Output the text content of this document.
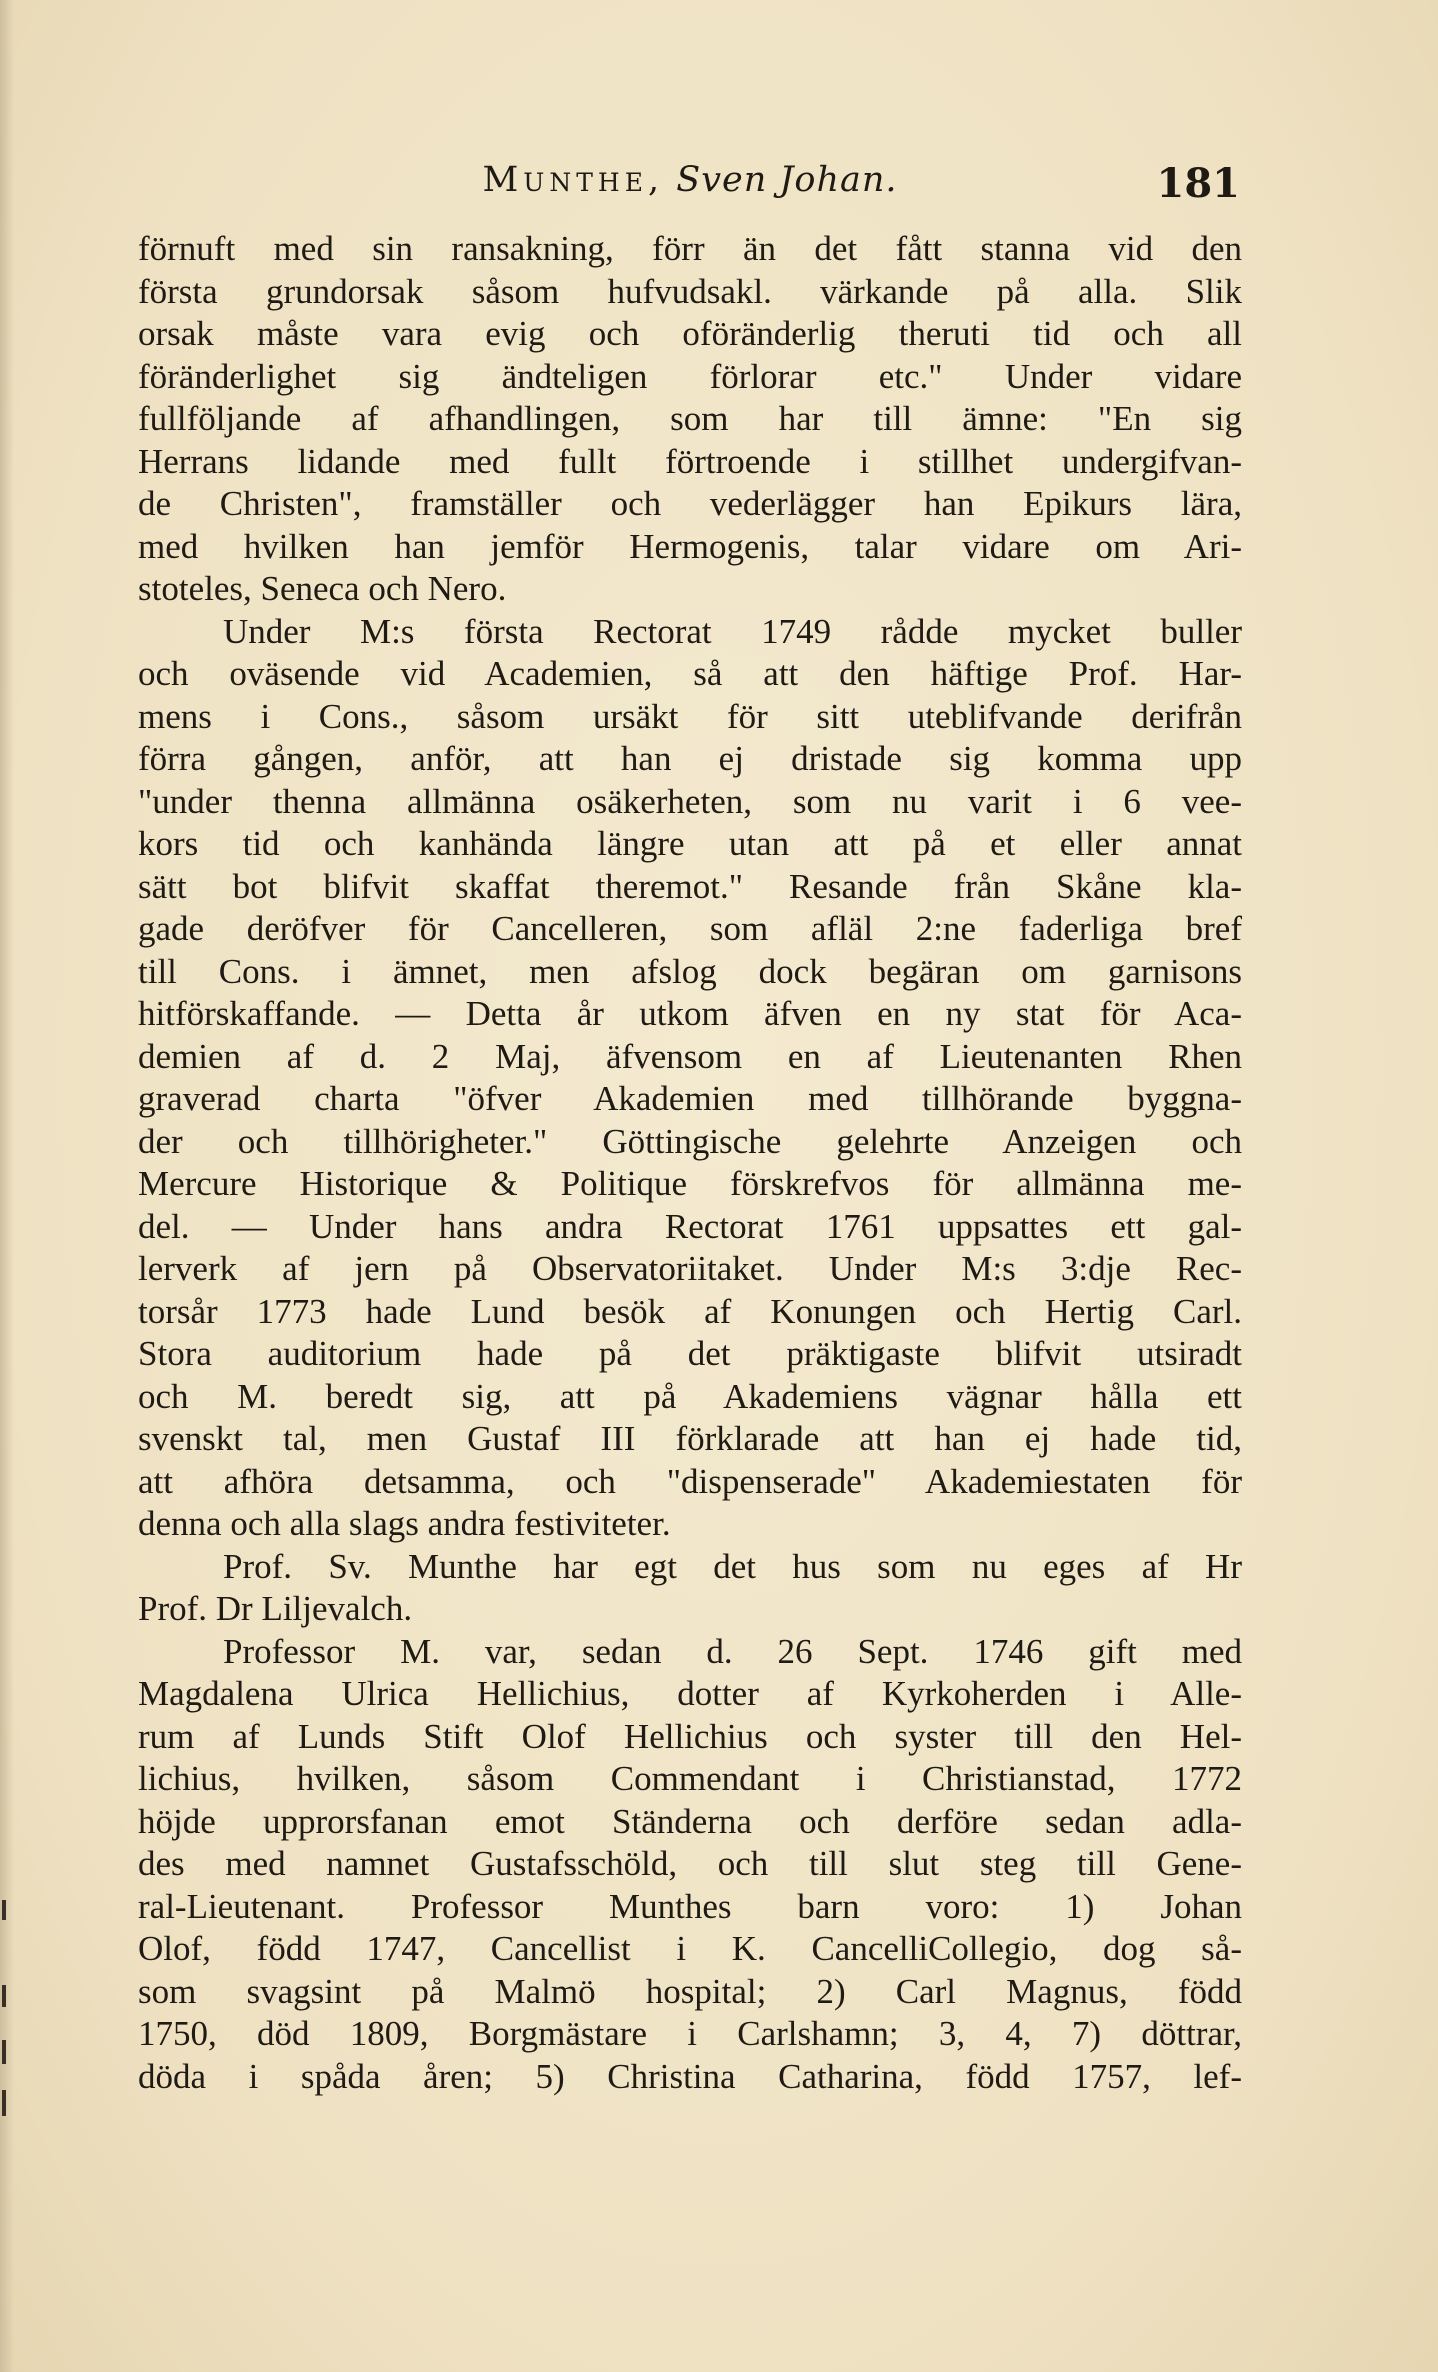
Munthe, Sven Johan.	181
förnuft med sin ransakning, förr än det fått stanna vid den
första grundorsak såsom hufvudsakl. värkande på alla. Slik
orsak måste vara evig och oföränderlig theruti tid och all
föränderlighet sig ändteligen förlorar etc." Under vidare
fullföljande af afhandlingen, som har till ämne: "En sig
Herrans lidande med fullt förtroende i stillhet undergifvan-
de Christen", framställer och vederlägger han Epikurs lära,
med hvilken han jemför Hermogenis, talar vidare om Ari-
stoteles, Seneca och Nero.
Under M:s första Rectorat 1749 rådde mycket buller
och oväsende vid Academien, så att den häftige Prof. Har-
mens i Cons., såsom ursäkt för sitt uteblifvande derifrån
förra gången, anför, att han ej dristade sig komma upp
"under thenna allmänna osäkerheten, som nu varit i 6 vee-
kors tid och kanhända längre utan att på et eller annat
sätt bot blifvit skaffat theremot." Resande från Skåne kla-
gade deröfver för Cancelleren, som afläl 2:ne faderliga bref
till Cons. i ämnet, men afslog dock begäran om garnisons
hitförskaffande. — Detta år utkom äfven en ny stat för Aca-
demien af d. 2 Maj, äfvensom en af Lieutenanten Rhen
graverad charta "öfver Akademien med tillhörande byggna-
der och tillhörigheter." Göttingische gelehrte Anzeigen och
Mercure Historique & Politique förskrefvos för allmänna me-
del. — Under hans andra Rectorat 1761 uppsattes ett gal-
lerverk af jern på Observatoriitaket. Under M:s 3:dje Rec-
torsår 1773 hade Lund besök af Konungen och Hertig Carl.
Stora auditorium hade på det präktigaste blifvit utsiradt
och M. beredt sig, att på Akademiens vägnar hålla ett
svenskt tal, men Gustaf III förklarade att han ej hade tid,
att afhöra detsamma, och "dispenserade" Akademiestaten för
denna och alla slags andra festiviteter.
Prof. Sv. Munthe har egt det hus som nu eges af Hr
Prof. Dr Liljevalch.
Professor M. var, sedan d. 26 Sept. 1746 gift med
Magdalena Ulrica Hellichius, dotter af Kyrkoherden i Alle-
rum af Lunds Stift Olof Hellichius och syster till den Hel-
lichius, hvilken, såsom Commendant i Christianstad, 1772
höjde upprorsfanan emot Ständerna och derföre sedan adla-
des med namnet Gustafsschöld, och till slut steg till Gene-
ral-Lieutenant. Professor Munthes barn voro: 1) Johan
Olof, född 1747, Cancellist i K. CancelliCollegio, dog så-
som svagsint på Malmö hospital; 2) Carl Magnus, född
1750, död 1809, Borgmästare i Carlshamn; 3, 4, 7) döttrar,
döda i spåda åren; 5) Christina Catharina, född 1757, lef-
